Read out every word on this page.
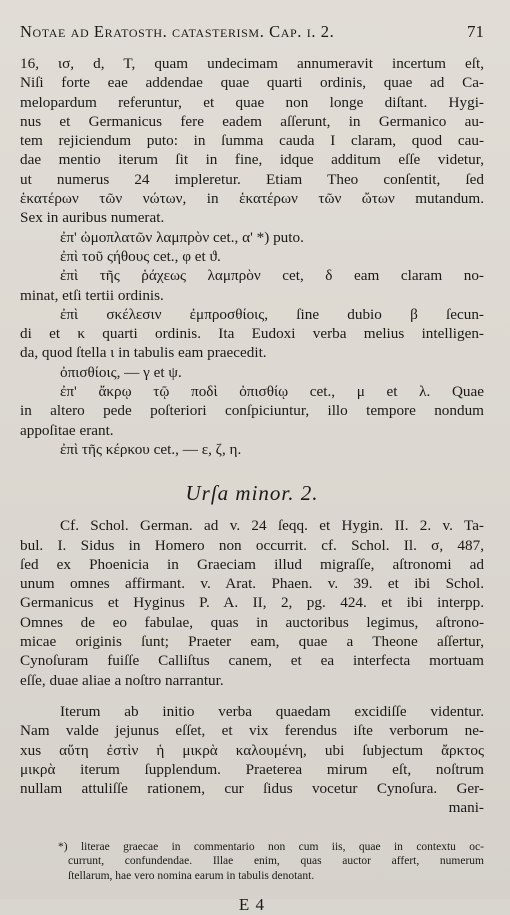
Notae ad Eratosth. catasterism. Cap. i. 2.	71

16, ισ, d, T, quam undecimam annumeravit incertum eſt,

Niſi forte eae addendae quae quarti ordinis, quae ad Ca-

melopardum referuntur, et quae non longe diſtant. Hygi-

nus et Germanicus fere eadem aſſerunt, in Germanico au-

tem rejiciendum puto: in ſumma cauda I claram, quod cau-

dae mentio iterum ſit in fine, idque additum eſſe videtur,

ut numerus 24 impleretur. Etiam Theo conſentit, ſed

ἑκατέρων τῶν νώτων, in ἑκατέρων τῶν ὤτων mutandum.

Sex in auribus numerat.

ἐπ' ὠμοπλατῶν λαμπρὸν cet., α' *) puto.

ἐπὶ τοῦ ςήθους cet., φ et ϑ.

ἐπὶ τῆς ῥάχεως λαμπρὸν cet, δ eam claram no-

minat, etſi tertii ordinis.

ἐπὶ σκέλεσιν ἐμπροσθίοις, ſine dubio β ſecun-

di et κ quarti ordinis. Ita Eudoxi verba melius intelligen-

da, quod ſtella ι in tabulis eam praecedit.

ὀπισθίοις, — γ et ψ.

ἐπ' ἄκρῳ τῷ ποδὶ ὀπισθίῳ cet., μ et λ. Quae

in altero pede poſteriori conſpiciuntur, illo tempore nondum

appoſitae erant.

ἐπὶ τῆς κέρκου cet., — ε, ζ, η.

Urſa minor. 2.

Cf. Schol. German. ad v. 24 ſeqq. et Hygin. II. 2. v. Ta-

bul. I. Sidus in Homero non occurrit. cf. Schol. Il. σ, 487,

ſed ex Phoenicia in Graeciam illud migraſſe, aſtronomi ad

unum omnes affirmant. v. Arat. Phaen. v. 39. et ibi Schol.

Germanicus et Hyginus P. A. II, 2, pg. 424. et ibi interpp.

Omnes de eo fabulae, quas in auctoribus legimus, aſtrono-

micae originis ſunt; Praeter eam, quae a Theone aſſertur,

Cynoſuram fuiſſe Calliſtus canem, et ea interfecta mortuam

eſſe, duae aliae a noſtro narrantur.

Iterum ab initio verba quaedam excidiſſe videntur.

Nam valde jejunus eſſet, et vix ferendus iſte verborum ne-

xus αὕτη ἐστὶν ἡ μικρὰ καλουμένη, ubi ſubjectum ἄρκτος

μικρὰ iterum ſupplendum. Praeterea mirum eſt, noſtrum

nullam attuliſſe rationem, cur ſidus vocetur Cynoſura. Ger-

mani-

*) literae graecae in commentario non cum iis, quae in contextu oc-

currunt, confundendae. Illae enim, quas auctor affert, numerum

ſtellarum, hae vero nomina earum in tabulis denotant.

E 4
